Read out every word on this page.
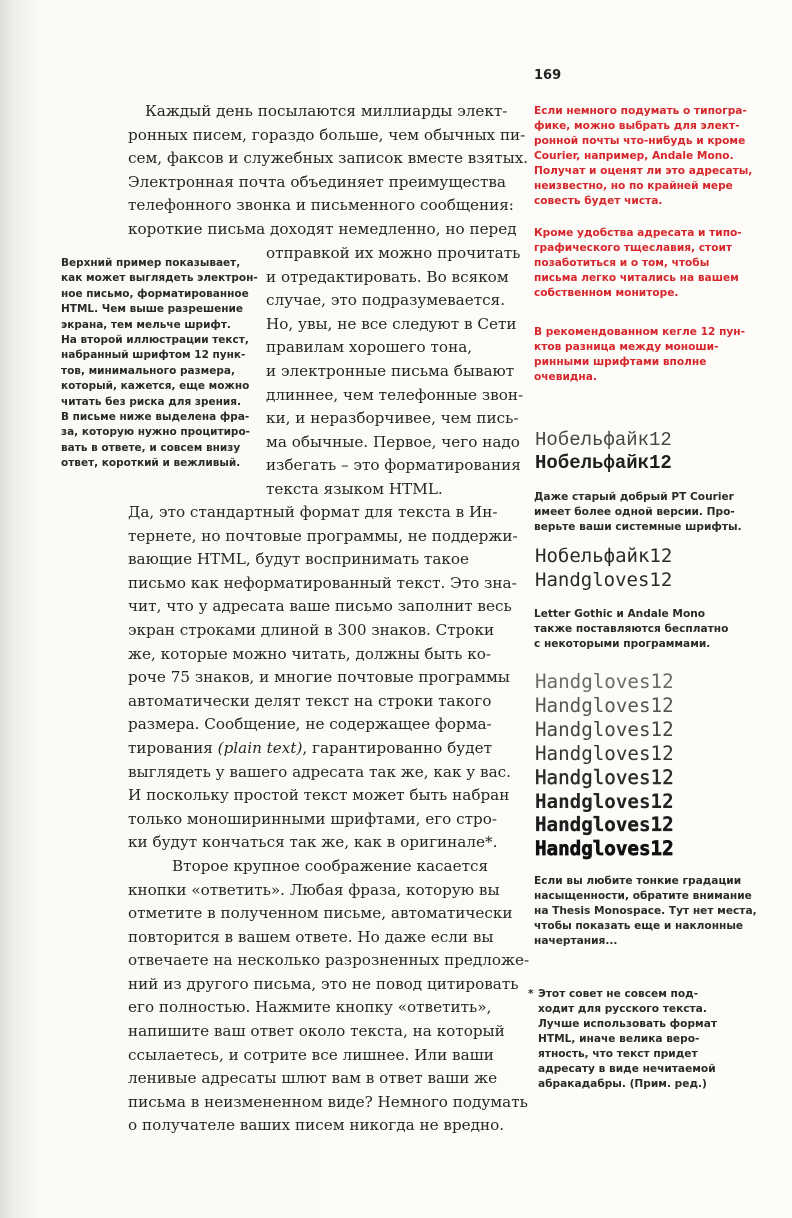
169
Каждый день посылаются миллиарды элект-
ронных писем, гораздо больше, чем обычных пи-
сем, факсов и служебных записок вместе взятых.
Электронная почта объединяет преимущества
телефонного звонка и письменного сообщения:
короткие письма доходят немедленно, но перед
отправкой их можно прочитать
и отредактировать. Во всяком
случае, это подразумевается.
Но, увы, не все следуют в Сети
правилам хорошего тона,
и электронные письма бывают
длиннее, чем телефонные звон-
ки, и неразборчивее, чем пись-
ма обычные. Первое, чего надо
избегать – это форматирования
текста языком HTML.
Да, это стандартный формат для текста в Ин-
тернете, но почтовые программы, не поддержи-
вающие HTML, будут воспринимать такое
письмо как неформатированный текст. Это зна-
чит, что у адресата ваше письмо заполнит весь
экран строками длиной в 300 знаков. Строки
же, которые можно читать, должны быть ко-
роче 75 знаков, и многие почтовые программы
автоматически делят текст на строки такого
размера. Сообщение, не содержащее форма-
тирования (plain text), гарантированно будет
выглядеть у вашего адресата так же, как у вас.
И поскольку простой текст может быть набран
только моноширинными шрифтами, его стро-
ки будут кончаться так же, как в оригинале*.
Второе крупное соображение касается
кнопки «ответить». Любая фраза, которую вы
отметите в полученном письме, автоматически
повторится в вашем ответе. Но даже если вы
отвечаете на несколько разрозненных предложе-
ний из другого письма, это не повод цитировать
его полностью. Нажмите кнопку «ответить»,
напишите ваш ответ около текста, на который
ссылаетесь, и сотрите все лишнее. Или ваши
ленивые адресаты шлют вам в ответ ваши же
письма в неизмененном виде? Немного подумать
о получателе ваших писем никогда не вредно.
Верхний пример показывает,
как может выглядеть электрон-
ное письмо, форматированное
HTML. Чем выше разрешение
экрана, тем мельче шрифт.
На второй иллюстрации текст,
набранный шрифтом 12 пунк-
тов, минимального размера,
который, кажется, еще можно
читать без риска для зрения.
В письме ниже выделена фра-
за, которую нужно процитиро-
вать в ответе, и совсем внизу
ответ, короткий и вежливый.
Если немного подумать о типогра-
фике, можно выбрать для элект-
ронной почты что-нибудь и кроме
Courier, например, Andale Mono.
Получат и оценят ли это адресаты,
неизвестно, но по крайней мере
совесть будет чиста.
Кроме удобства адресата и типо-
графического тщеславия, стоит
позаботиться и о том, чтобы
письма легко читались на вашем
собственном мониторе.
В рекомендованном кегле 12 пун-
ктов разница между моноши-
ринными шрифтами вполне
очевидна.
Нобельфайк12
Нобельфайк12
Даже старый добрый PT Courier
имеет более одной версии. Про-
верьте ваши системные шрифты.
Нобельфайк12
Handgloves12
Letter Gothic и Andale Mono
также поставляются бесплатно
с некоторыми программами.
Handgloves12
Handgloves12
Handgloves12
Handgloves12
Handgloves12
Handgloves12
Handgloves12
Handgloves12
Если вы любите тонкие градации
насыщенности, обратите внимание
на Thesis Monospace. Тут нет места,
чтобы показать еще и наклонные
начертания...
* Этот совет не совсем под-
ходит для русского текста.
Лучше использовать формат
HTML, иначе велика веро-
ятность, что текст придет
адресату в виде нечитаемой
абракадабры. (Прим. ред.)
